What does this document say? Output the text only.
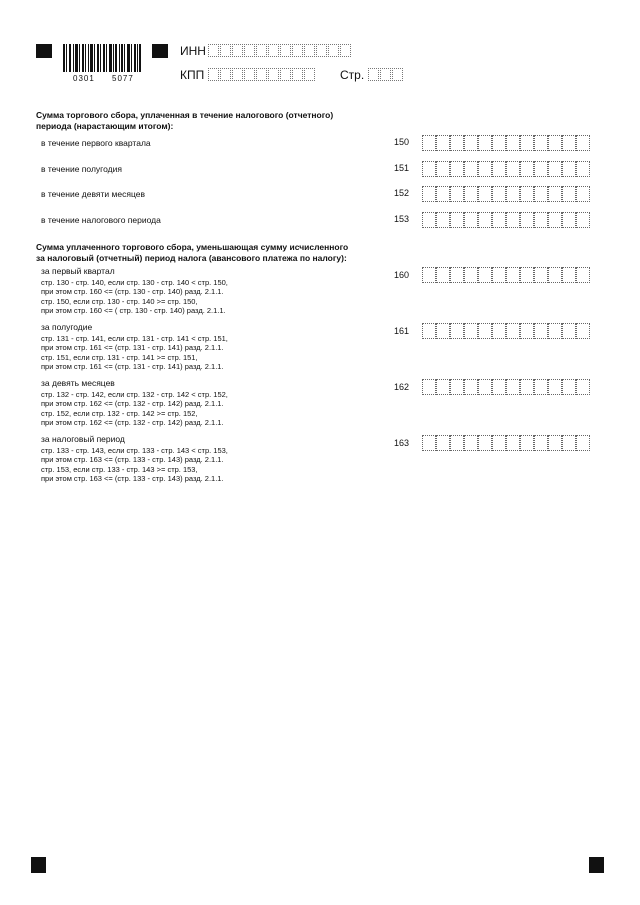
0301 5077
ИНН
КПП	Стр.
Сумма торгового сбора, уплаченная в течение налогового (отчетного)
периода (нарастающим итогом):
в течение первого квартала	150
в течение полугодия	151
в течение девяти месяцев	152
в течение налогового периода	153
Сумма уплаченного торгового сбора, уменьшающая сумму исчисленного
за налоговый (отчетный) период налога (авансового платежа по налогу):
за первый квартал
стр. 130 - стр. 140, если стр. 130 - стр. 140 < стр. 150,
при этом стр. 160 <= (стр. 130 - стр. 140) разд. 2.1.1.
стр. 150, если стр. 130 - стр. 140 >= стр. 150,
при этом стр. 160 <= ( стр. 130 - стр. 140) разд. 2.1.1.
160
за полугодие
стр. 131 - стр. 141, если стр. 131 - стр. 141 < стр. 151,
при этом стр. 161 <= (стр. 131 - стр. 141) разд. 2.1.1.
стр. 151, если стр. 131 - стр. 141 >= стр. 151,
при этом стр. 161 <= (стр. 131 - стр. 141) разд. 2.1.1.
161
за девять месяцев
стр. 132 - стр. 142, если стр. 132 - стр. 142 < стр. 152,
при этом стр. 162 <= (стр. 132 - стр. 142) разд. 2.1.1.
стр. 152, если стр. 132 - стр. 142 >= стр. 152,
при этом стр. 162 <= (стр. 132 - стр. 142) разд. 2.1.1.
162
за налоговый период
стр. 133 - стр. 143, если стр. 133 - стр. 143 < стр. 153,
при этом стр. 163 <= (стр. 133 - стр. 143) разд. 2.1.1.
стр. 153, если стр. 133 - стр. 143 >= стр. 153,
при этом стр. 163 <= (стр. 133 - стр. 143) разд. 2.1.1.
163
